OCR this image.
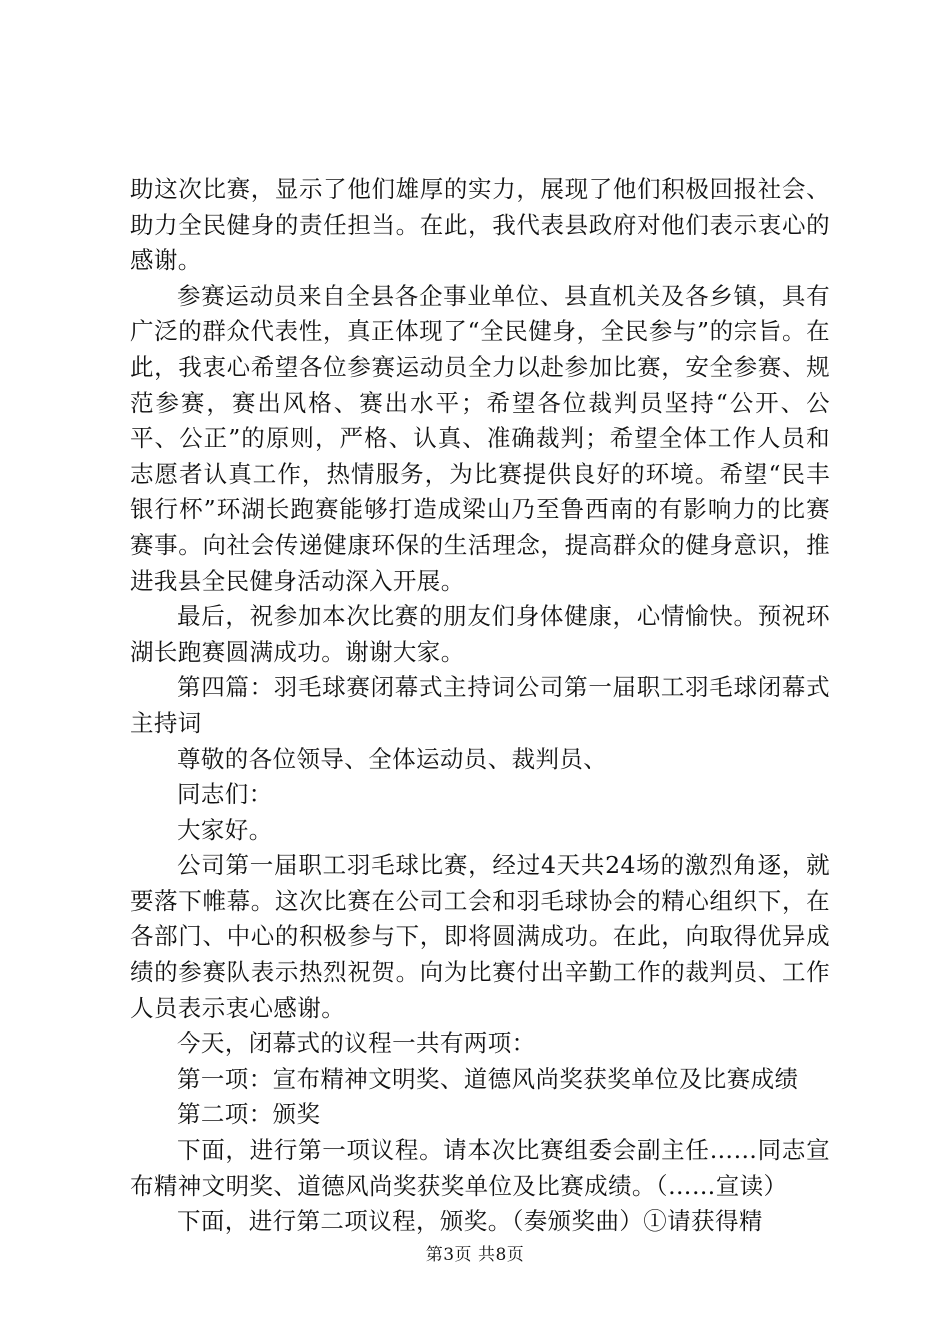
助这次比赛，显示了他们雄厚的实力，展现了他们积极回报社会、助力全民健身的责任担当。在此，我代表县政府对他们表示衷心的感谢。

参赛运动员来自全县各企事业单位、县直机关及各乡镇，具有广泛的群众代表性，真正体现了“全民健身，全民参与”的宗旨。在此，我衷心希望各位参赛运动员全力以赴参加比赛，安全参赛、规范参赛，赛出风格、赛出水平；希望各位裁判员坚持“公开、公平、公正”的原则，严格、认真、准确裁判；希望全体工作人员和志愿者认真工作，热情服务，为比赛提供良好的环境。希望“民丰银行杯”环湖长跑赛能够打造成梁山乃至鲁西南的有影响力的比赛赛事。向社会传递健康环保的生活理念，提高群众的健身意识，推进我县全民健身活动深入开展。

最后，祝参加本次比赛的朋友们身体健康，心情愉快。预祝环湖长跑赛圆满成功。谢谢大家。

第四篇：羽毛球赛闭幕式主持词公司第一届职工羽毛球闭幕式主持词

尊敬的各位领导、全体运动员、裁判员、

同志们：

大家好。

公司第一届职工羽毛球比赛，经过4天共24场的激烈角逐，就要落下帷幕。这次比赛在公司工会和羽毛球协会的精心组织下，在各部门、中心的积极参与下，即将圆满成功。在此，向取得优异成绩的参赛队表示热烈祝贺。向为比赛付出辛勤工作的裁判员、工作人员表示衷心感谢。

今天，闭幕式的议程一共有两项：

第一项：宣布精神文明奖、道德风尚奖获奖单位及比赛成绩

第二项：颁奖

下面，进行第一项议程。请本次比赛组委会副主任……同志宣布精神文明奖、道德风尚奖获奖单位及比赛成绩。（……宣读）

下面，进行第二项议程，颁奖。（奏颁奖曲）①请获得精

第3页 共8页
